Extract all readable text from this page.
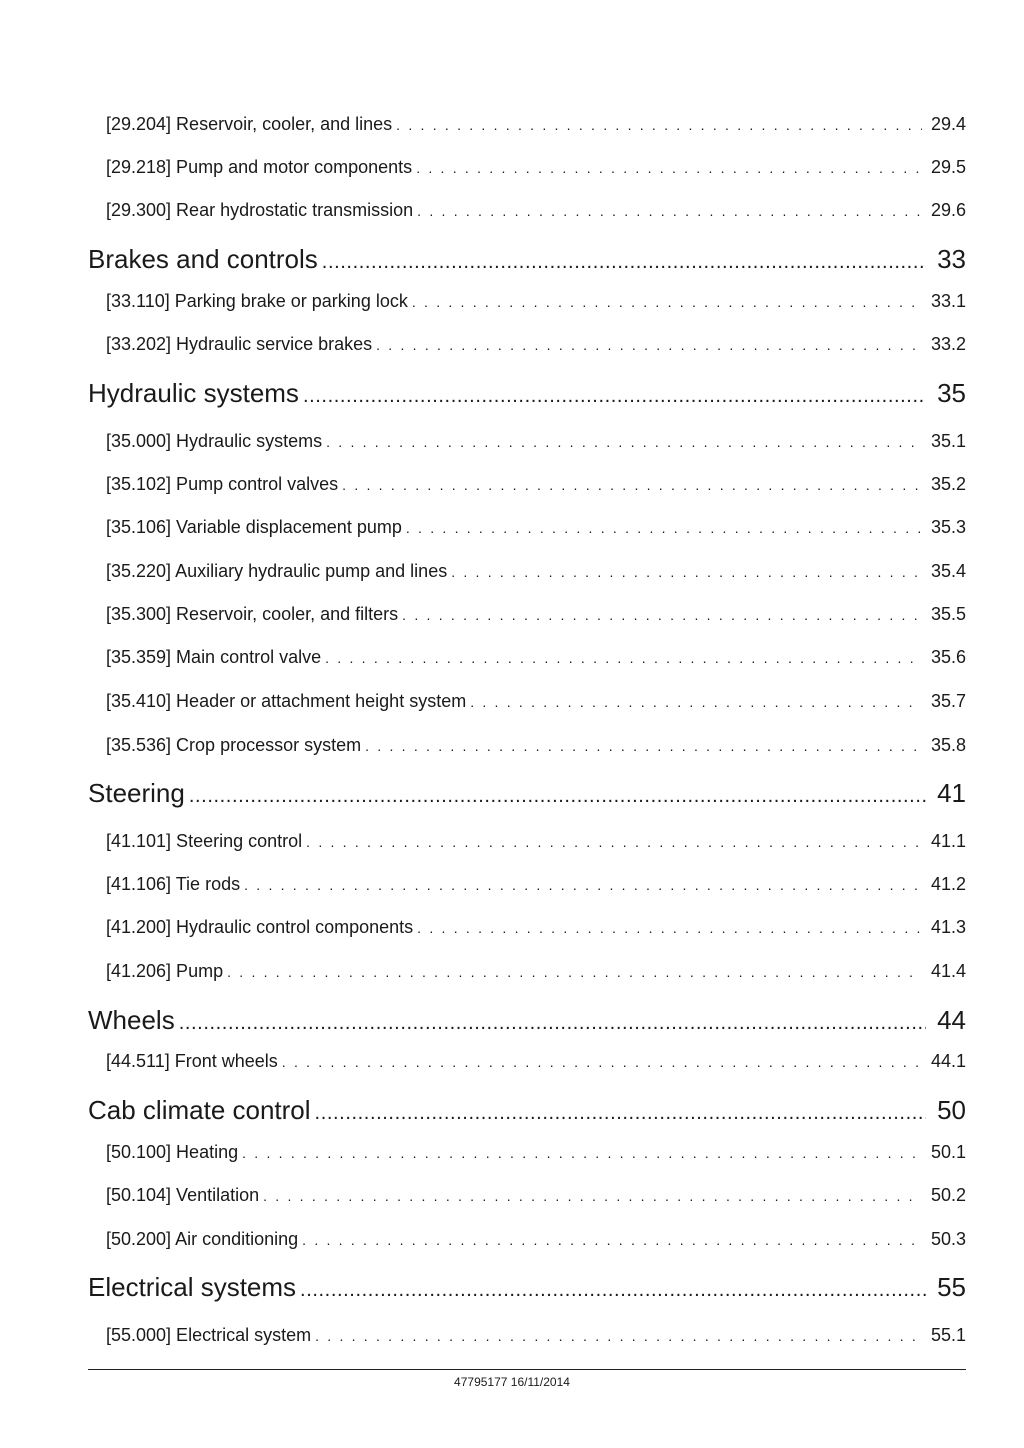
[29.204] Reservoir, cooler, and lines . . .	29.4
[29.218] Pump and motor components . . .	29.5
[29.300] Rear hydrostatic transmission . . .	29.6
Brakes and controls .....	33
[33.110] Parking brake or parking lock . . .	33.1
[33.202] Hydraulic service brakes . . .	33.2
Hydraulic systems .....	35
[35.000] Hydraulic systems . . .	35.1
[35.102] Pump control valves . . .	35.2
[35.106] Variable displacement pump . . .	35.3
[35.220] Auxiliary hydraulic pump and lines . . .	35.4
[35.300] Reservoir, cooler, and filters . . .	35.5
[35.359] Main control valve . . .	35.6
[35.410] Header or attachment height system . . .	35.7
[35.536] Crop processor system . . .	35.8
Steering .....	41
[41.101] Steering control . . .	41.1
[41.106] Tie rods . . .	41.2
[41.200] Hydraulic control components . . .	41.3
[41.206] Pump . . .	41.4
Wheels .....	44
[44.511] Front wheels . . .	44.1
Cab climate control .....	50
[50.100] Heating . . .	50.1
[50.104] Ventilation . . .	50.2
[50.200] Air conditioning . . .	50.3
Electrical systems .....	55
[55.000] Electrical system . . .	55.1
47795177 16/11/2014
